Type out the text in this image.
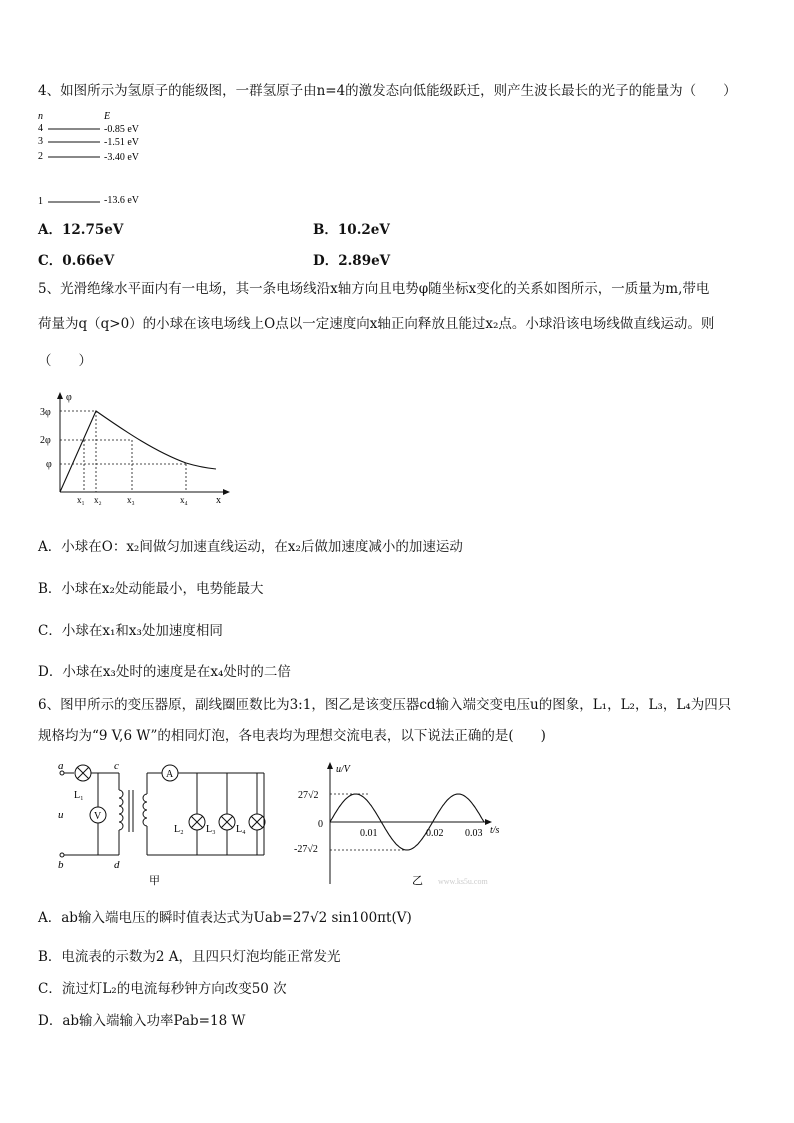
4、如图所示为氢原子的能级图，一群氢原子由n=4的激发态向低能级跃迁，则产生波长最长的光子的能量为（　　）
n	E
4	-0.85 eV
3	-1.51 eV
2	-3.40 eV
1	-13.6 eV
A．12.75eV	B．10.2eV
C．0.66eV	D．2.89eV
5、光滑绝缘水平面内有一电场，其一条电场线沿x轴方向且电势φ随坐标x变化的关系如图所示，一质量为m,带电
荷量为q（q>0）的小球在该电场线上O点以一定速度向x轴正向释放且能过x₂点。小球沿该电场线做直线运动。则
（　　）
φ
x
3φ
2φ
φ
x₁ x₂	x₃	x₄
A．小球在O：x₂间做匀加速直线运动，在x₂后做加速度减小的加速运动
B．小球在x₂处动能最小，电势能最大
C．小球在x₁和x₃处加速度相同
D．小球在x₃处时的速度是在x₄处时的二倍
6、图甲所示的变压器原，副线圈匝数比为3:1，图乙是该变压器cd输入端交变电压u的图象，L₁，L₂，L₃，L₄为四只
规格均为“9 V,6 W”的相同灯泡，各电表均为理想交流电表，以下说法正确的是(　　)
a
b
u
L₁
V
c
d
A
L₂ L₃ L₄
甲
u/V
t/s
0
27√2
-27√2
0.01	0.02 0.03
乙 www.ks5u.com
A．ab输入端电压的瞬时值表达式为Uab=27√2 sin100πt(V)
B．电流表的示数为2 A，且四只灯泡均能正常发光
C．流过灯L₂的电流每秒钟方向改变50 次
D．ab输入端输入功率Pab=18 W
